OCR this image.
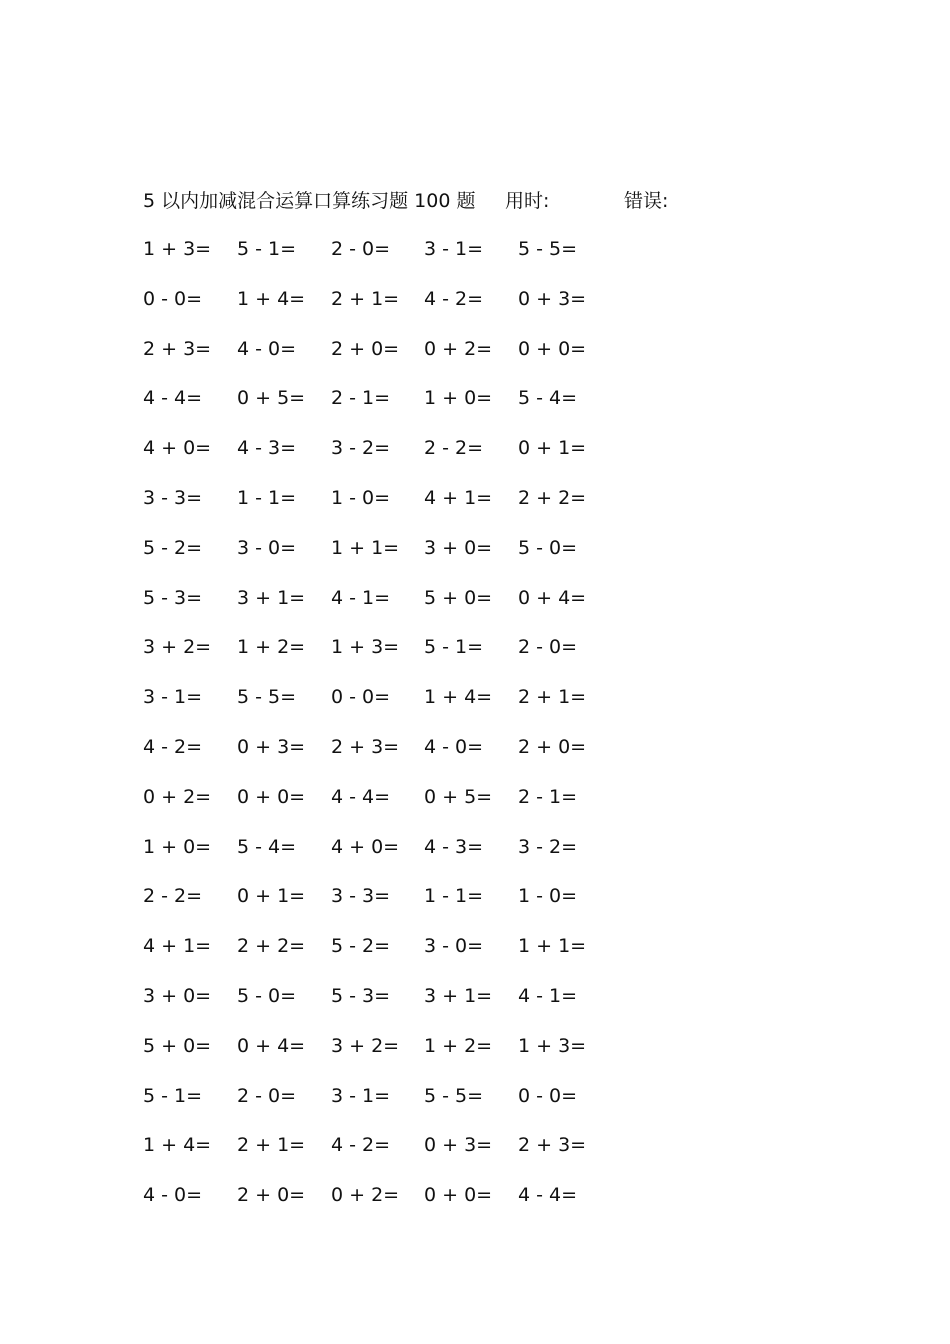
5 以内加减混合运算口算练习题 100 题 用时:	错误:
1 + 3= 5 - 1= 2 - 0= 3 - 1= 5 - 5=
0 - 0= 1 + 4= 2 + 1= 4 - 2= 0 + 3=
2 + 3= 4 - 0= 2 + 0= 0 + 2= 0 + 0=
4 - 4= 0 + 5= 2 - 1= 1 + 0= 5 - 4=
4 + 0= 4 - 3= 3 - 2= 2 - 2= 0 + 1=
3 - 3= 1 - 1= 1 - 0= 4 + 1= 2 + 2=
5 - 2= 3 - 0= 1 + 1= 3 + 0= 5 - 0=
5 - 3= 3 + 1= 4 - 1= 5 + 0= 0 + 4=
3 + 2= 1 + 2= 1 + 3= 5 - 1= 2 - 0=
3 - 1= 5 - 5= 0 - 0= 1 + 4= 2 + 1=
4 - 2= 0 + 3= 2 + 3= 4 - 0= 2 + 0=
0 + 2= 0 + 0= 4 - 4= 0 + 5= 2 - 1=
1 + 0= 5 - 4= 4 + 0= 4 - 3= 3 - 2=
2 - 2= 0 + 1= 3 - 3= 1 - 1= 1 - 0=
4 + 1= 2 + 2= 5 - 2= 3 - 0= 1 + 1=
3 + 0= 5 - 0= 5 - 3= 3 + 1= 4 - 1=
5 + 0= 0 + 4= 3 + 2= 1 + 2= 1 + 3=
5 - 1= 2 - 0= 3 - 1= 5 - 5= 0 - 0=
1 + 4= 2 + 1= 4 - 2= 0 + 3= 2 + 3=
4 - 0= 2 + 0= 0 + 2= 0 + 0= 4 - 4=
